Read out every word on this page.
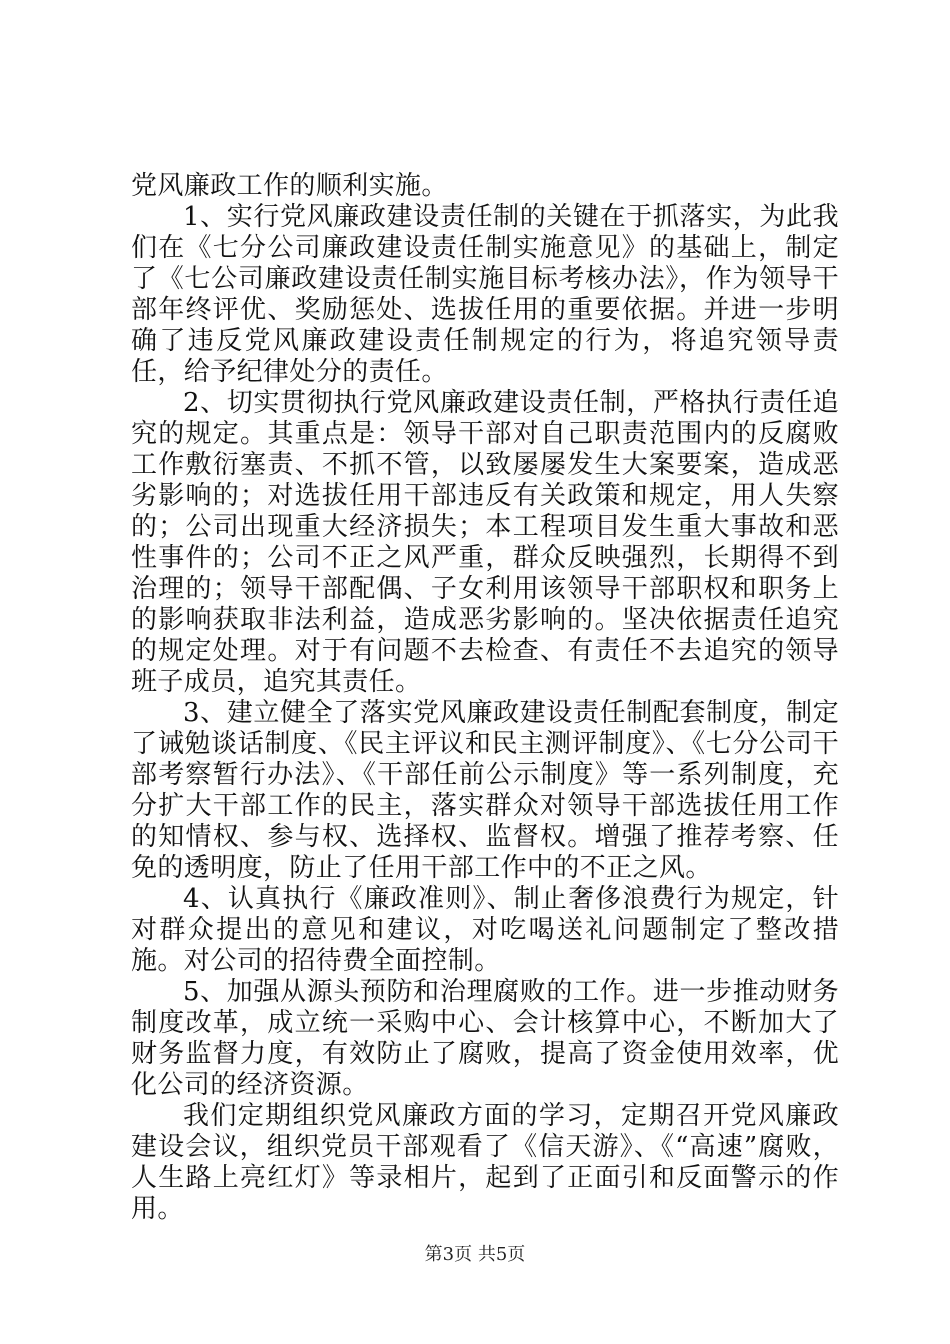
党风廉政工作的顺利实施。

1、实行党风廉政建设责任制的关键在于抓落实，为此我们在《七分公司廉政建设责任制实施意见》的基础上，制定了《七公司廉政建设责任制实施目标考核办法》，作为领导干部年终评优、奖励惩处、选拔任用的重要依据。并进一步明确了违反党风廉政建设责任制规定的行为，将追究领导责任，给予纪律处分的责任。

2、切实贯彻执行党风廉政建设责任制，严格执行责任追究的规定。其重点是：领导干部对自己职责范围内的反腐败工作敷衍塞责、不抓不管，以致屡屡发生大案要案，造成恶劣影响的；对选拔任用干部违反有关政策和规定，用人失察的；公司出现重大经济损失；本工程项目发生重大事故和恶性事件的；公司不正之风严重，群众反映强烈，长期得不到治理的；领导干部配偶、子女利用该领导干部职权和职务上的影响获取非法利益，造成恶劣影响的。坚决依据责任追究的规定处理。对于有问题不去检查、有责任不去追究的领导班子成员，追究其责任。

3、建立健全了落实党风廉政建设责任制配套制度，制定了诫勉谈话制度、《民主评议和民主测评制度》、《七分公司干部考察暂行办法》、《干部任前公示制度》等一系列制度，充分扩大干部工作的民主，落实群众对领导干部选拔任用工作的知情权、参与权、选择权、监督权。增强了推荐考察、任免的透明度，防止了任用干部工作中的不正之风。

4、认真执行《廉政准则》、制止奢侈浪费行为规定，针对群众提出的意见和建议，对吃喝送礼问题制定了整改措施。对公司的招待费全面控制。

5、加强从源头预防和治理腐败的工作。进一步推动财务制度改革，成立统一采购中心、会计核算中心，不断加大了财务监督力度，有效防止了腐败，提高了资金使用效率，优化公司的经济资源。

我们定期组织党风廉政方面的学习，定期召开党风廉政建设会议，组织党员干部观看了《信天游》、《“高速”腐败，人生路上亮红灯》等录相片，起到了正面引和反面警示的作用。

第3页 共5页
